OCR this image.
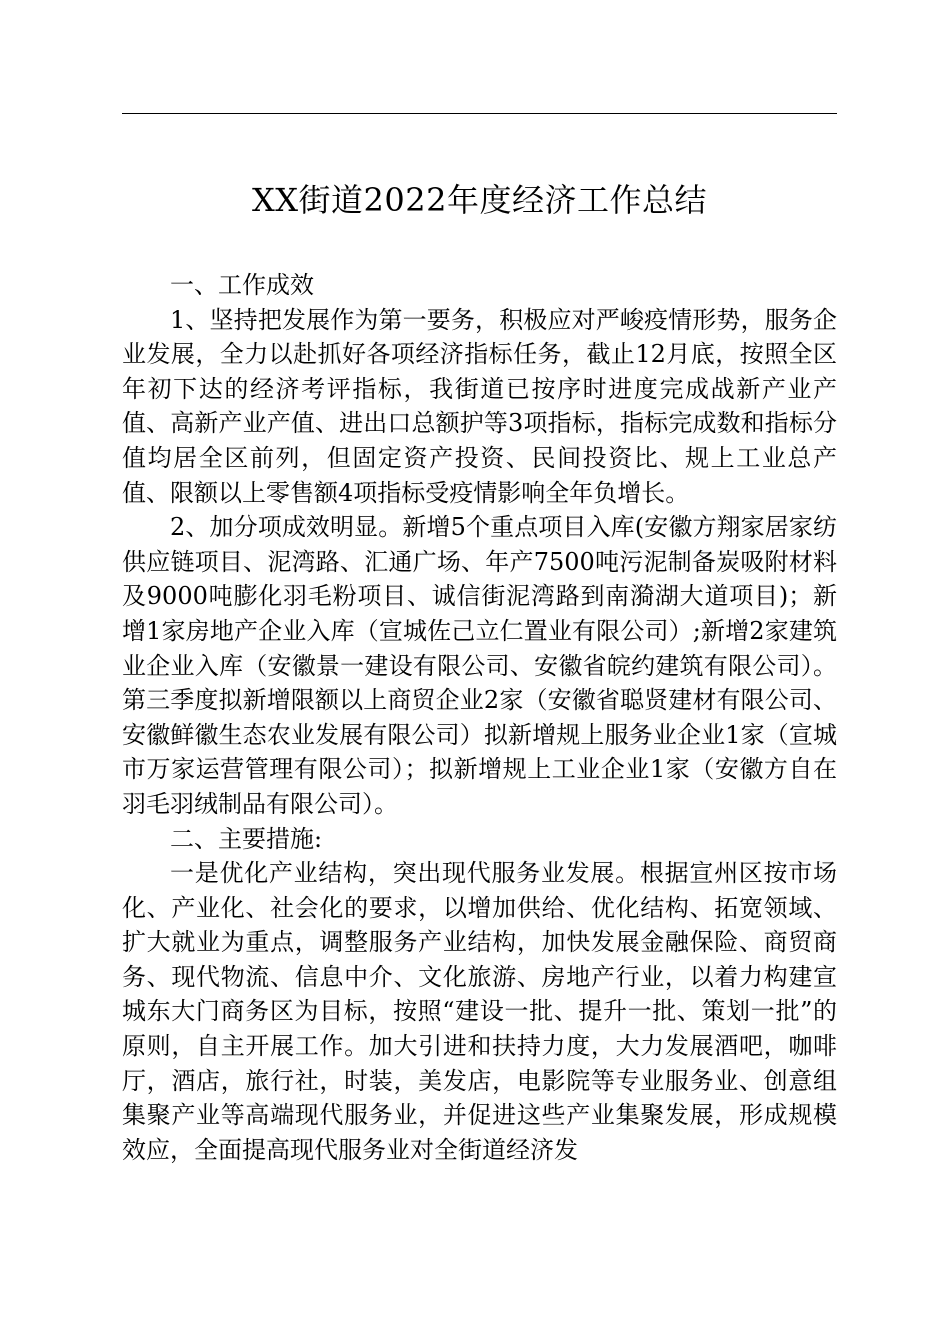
XX街道2022年度经济工作总结

一、工作成效

1、坚持把发展作为第一要务，积极应对严峻疫情形势，服务企业发展，全力以赴抓好各项经济指标任务，截止12月底，按照全区年初下达的经济考评指标，我街道已按序时进度完成战新产业产值、高新产业产值、进出口总额护等3项指标，指标完成数和指标分值均居全区前列，但固定资产投资、民间投资比、规上工业总产值、限额以上零售额4项指标受疫情影响全年负增长。

2、加分项成效明显。新增5个重点项目入库(安徽方翔家居家纺供应链项目、泥湾路、汇通广场、年产7500吨污泥制备炭吸附材料及9000吨膨化羽毛粉项目、诚信街泥湾路到南漪湖大道项目)；新增1家房地产企业入库（宣城佐己立仁置业有限公司）;新增2家建筑业企业入库（安徽景一建设有限公司、安徽省皖约建筑有限公司）。第三季度拟新增限额以上商贸企业2家（安徽省聪贤建材有限公司、安徽鲜徽生态农业发展有限公司）拟新增规上服务业企业1家（宣城市万家运营管理有限公司）；拟新增规上工业企业1家（安徽方自在羽毛羽绒制品有限公司）。

二、主要措施:

一是优化产业结构，突出现代服务业发展。根据宣州区按市场化、产业化、社会化的要求，以增加供给、优化结构、拓宽领域、扩大就业为重点，调整服务产业结构，加快发展金融保险、商贸商务、现代物流、信息中介、文化旅游、房地产行业，以着力构建宣城东大门商务区为目标，按照“建设一批、提升一批、策划一批”的原则，自主开展工作。加大引进和扶持力度，大力发展酒吧，咖啡厅，酒店，旅行社，时装，美发店，电影院等专业服务业、创意组集聚产业等高端现代服务业，并促进这些产业集聚发展，形成规模效应，全面提高现代服务业对全街道经济发
